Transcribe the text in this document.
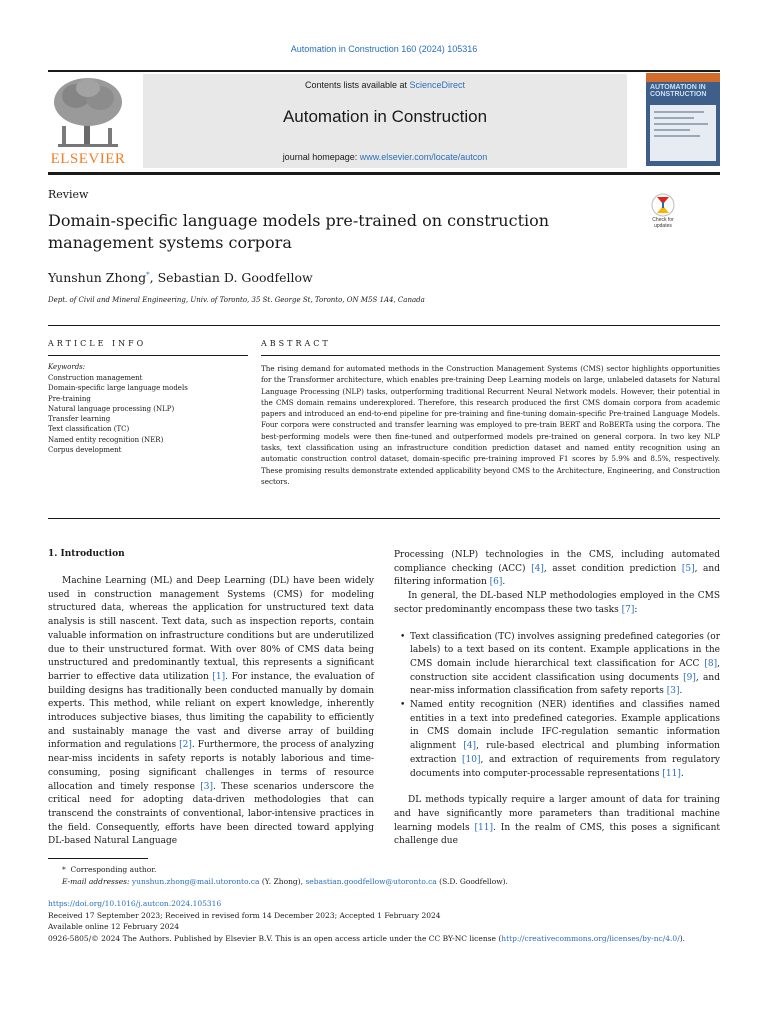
Automation in Construction 160 (2024) 105316
ELSEVIER
Contents lists available at ScienceDirect
Automation in Construction
journal homepage: www.elsevier.com/locate/autcon
AUTOMATION IN CONSTRUCTION
Review
Domain-specific language models pre-trained on construction management systems corpora
Check for updates
Yunshun Zhong*, Sebastian D. Goodfellow
Dept. of Civil and Mineral Engineering, Univ. of Toronto, 35 St. George St, Toronto, ON M5S 1A4, Canada
ARTICLE INFO	ABSTRACT
Keywords:
Construction management
Domain-specific large language models
Pre-training
Natural language processing (NLP)
Transfer learning
Text classification (TC)
Named entity recognition (NER)
Corpus development
The rising demand for automated methods in the Construction Management Systems (CMS) sector highlights opportunities for the Transformer architecture, which enables pre-training Deep Learning models on large, unlabeled datasets for Natural Language Processing (NLP) tasks, outperforming traditional Recurrent Neural Network models. However, their potential in the CMS domain remains underexplored. Therefore, this research produced the first CMS domain corpora from academic papers and introduced an end-to-end pipeline for pre-training and fine-tuning domain-specific Pre-trained Language Models. Four corpora were constructed and transfer learning was employed to pre-train BERT and RoBERTa using the corpora. The best-performing models were then fine-tuned and outperformed models pre-trained on general corpora. In two key NLP tasks, text classification using an infrastructure condition prediction dataset and named entity recognition using an automatic construction control dataset, domain-specific pre-training improved F1 scores by 5.9% and 8.5%, respectively. These promising results demonstrate extended applicability beyond CMS to the Architecture, Engineering, and Construction sectors.
1. Introduction

Machine Learning (ML) and Deep Learning (DL) have been widely used in construction management Systems (CMS) for modeling structured data, whereas the application for unstructured text data analysis is still nascent. Text data, such as inspection reports, contain valuable information on infrastructure conditions but are underutilized due to their unstructured format. With over 80% of CMS data being unstructured and predominantly textual, this represents a significant barrier to effective data utilization [1]. For instance, the evaluation of building designs has traditionally been conducted manually by domain experts. This method, while reliant on expert knowledge, inherently introduces subjective biases, thus limiting the capability to efficiently and sustainably manage the vast and diverse array of building information and regulations [2]. Furthermore, the process of analyzing near-miss incidents in safety reports is notably laborious and time-consuming, posing significant challenges in terms of resource allocation and timely response [3]. These scenarios underscore the critical need for adopting data-driven methodologies that can transcend the constraints of conventional, labor-intensive practices in the field. Consequently, efforts have been directed toward applying DL-based Natural Language

Processing (NLP) technologies in the CMS, including automated compliance checking (ACC) [4], asset condition prediction [5], and filtering information [6].

In general, the DL-based NLP methodologies employed in the CMS sector predominantly encompass these two tasks [7]:

• Text classification (TC) involves assigning predefined categories (or labels) to a text based on its content. Example applications in the CMS domain include hierarchical text classification for ACC [8], construction site accident classification using documents [9], and near-miss information classification from safety reports [3].

• Named entity recognition (NER) identifies and classifies named entities in a text into predefined categories. Example applications in CMS domain include IFC-regulation semantic information alignment [4], rule-based electrical and plumbing information extraction [10], and extraction of requirements from regulatory documents into computer-processable representations [11].

DL methods typically require a larger amount of data for training and have significantly more parameters than traditional machine learning models [11]. In the realm of CMS, this poses a significant challenge due

* Corresponding author.
E-mail addresses: yunshun.zhong@mail.utoronto.ca (Y. Zhong), sebastian.goodfellow@utoronto.ca (S.D. Goodfellow).
https://doi.org/10.1016/j.autcon.2024.105316
Received 17 September 2023; Received in revised form 14 December 2023; Accepted 1 February 2024
Available online 12 February 2024
0926-5805/© 2024 The Authors. Published by Elsevier B.V. This is an open access article under the CC BY-NC license (http://creativecommons.org/licenses/by-nc/4.0/).
